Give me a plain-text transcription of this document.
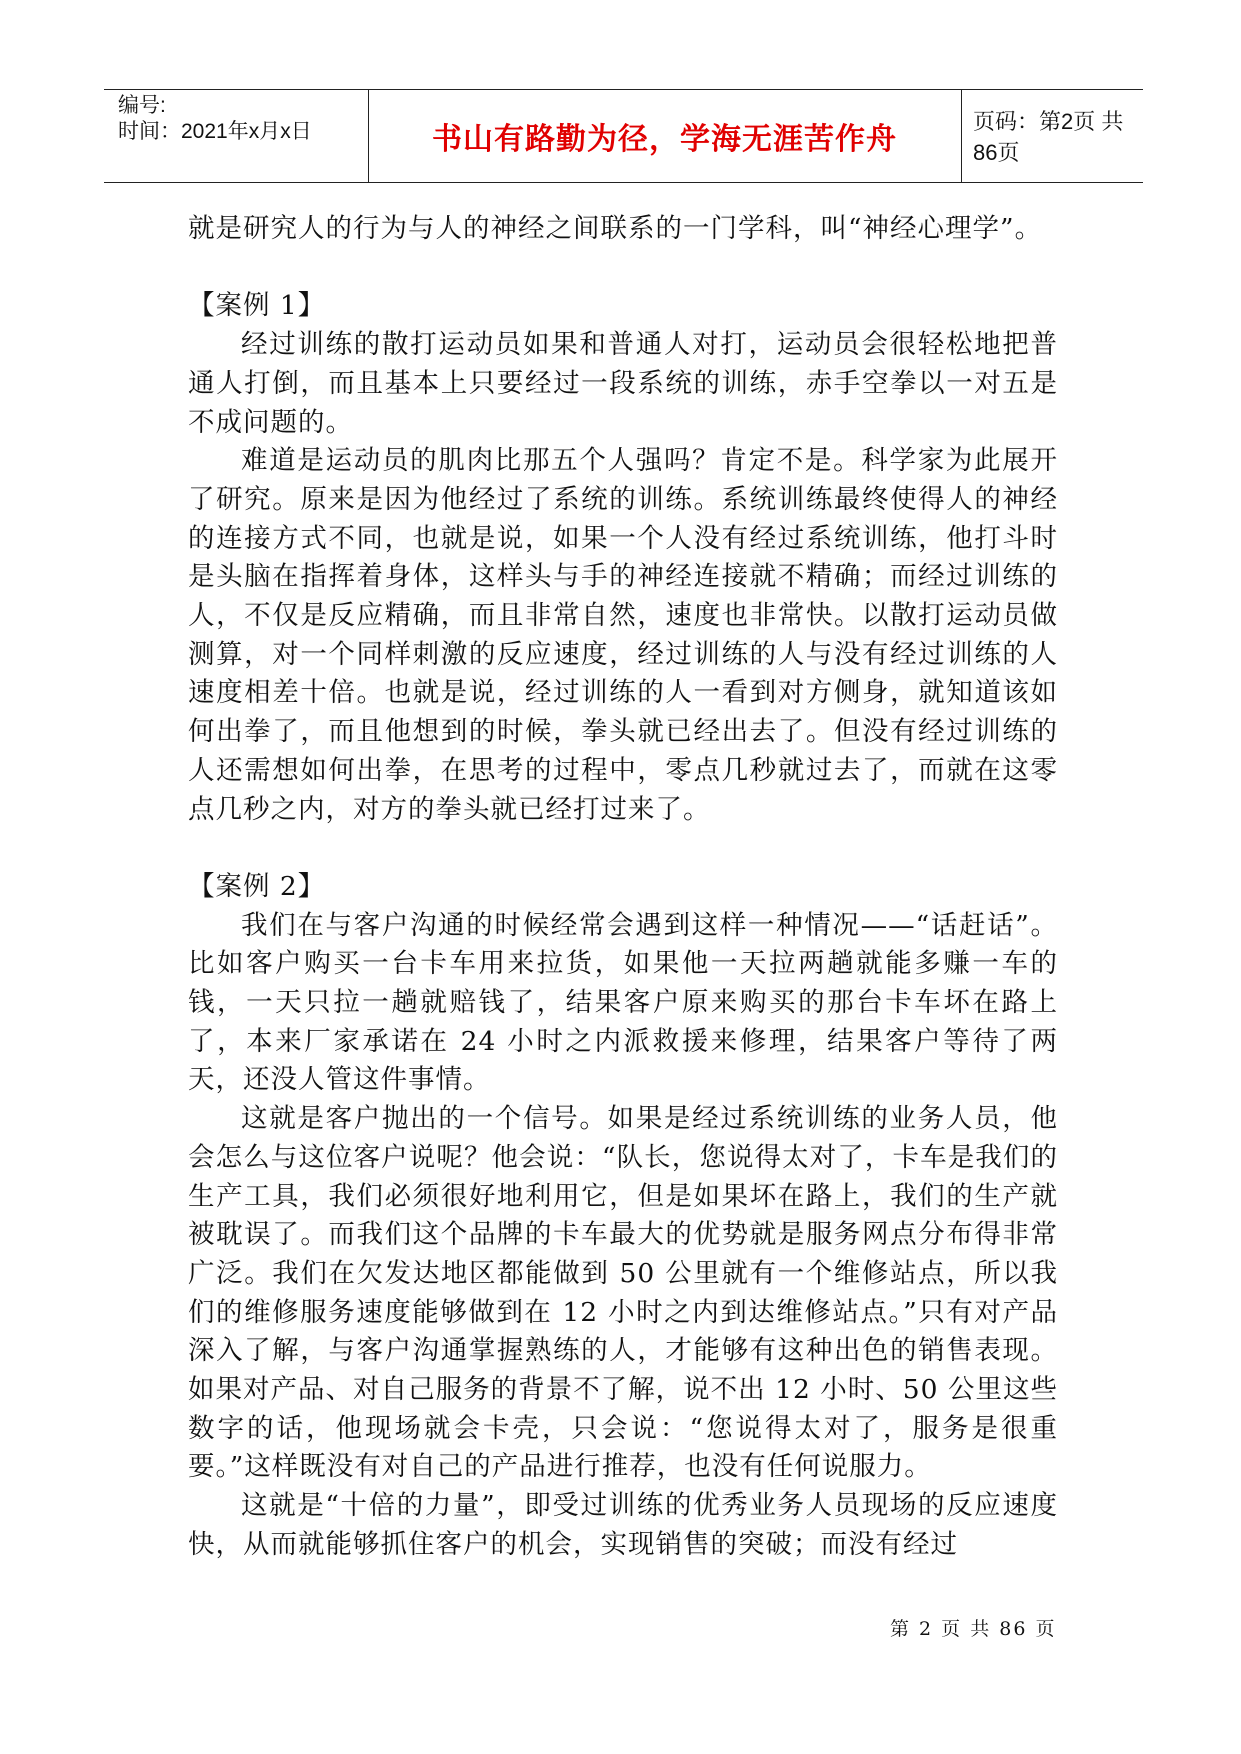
编号:
时间：2021年x月x日	书山有路勤为径，学海无涯苦作舟
页码：第2页 共86页

就是研究人的行为与人的神经之间联系的一门学科，叫“神经心理学”。

【案例 1】

经过训练的散打运动员如果和普通人对打，运动员会很轻松地把普通人打倒，而且基本上只要经过一段系统的训练，赤手空拳以一对五是不成问题的。

难道是运动员的肌肉比那五个人强吗？肯定不是。科学家为此展开了研究。原来是因为他经过了系统的训练。系统训练最终使得人的神经的连接方式不同，也就是说，如果一个人没有经过系统训练，他打斗时是头脑在指挥着身体，这样头与手的神经连接就不精确；而经过训练的人，不仅是反应精确，而且非常自然，速度也非常快。以散打运动员做测算，对一个同样刺激的反应速度，经过训练的人与没有经过训练的人速度相差十倍。也就是说，经过训练的人一看到对方侧身，就知道该如何出拳了，而且他想到的时候，拳头就已经出去了。但没有经过训练的人还需想如何出拳，在思考的过程中，零点几秒就过去了，而就在这零点几秒之内，对方的拳头就已经打过来了。

【案例 2】

我们在与客户沟通的时候经常会遇到这样一种情况——“话赶话”。比如客户购买一台卡车用来拉货，如果他一天拉两趟就能多赚一车的钱，一天只拉一趟就赔钱了，结果客户原来购买的那台卡车坏在路上了，本来厂家承诺在 24 小时之内派救援来修理，结果客户等待了两天，还没人管这件事情。

这就是客户抛出的一个信号。如果是经过系统训练的业务人员，他会怎么与这位客户说呢？他会说：“队长，您说得太对了，卡车是我们的生产工具，我们必须很好地利用它，但是如果坏在路上，我们的生产就被耽误了。而我们这个品牌的卡车最大的优势就是服务网点分布得非常广泛。我们在欠发达地区都能做到 50 公里就有一个维修站点，所以我们的维修服务速度能够做到在 12 小时之内到达维修站点。”只有对产品深入了解，与客户沟通掌握熟练的人，才能够有这种出色的销售表现。如果对产品、对自己服务的背景不了解，说不出 12 小时、50 公里这些数字的话，他现场就会卡壳，只会说：“您说得太对了，服务是很重要。”这样既没有对自己的产品进行推荐，也没有任何说服力。

这就是“十倍的力量”，即受过训练的优秀业务人员现场的反应速度快，从而就能够抓住客户的机会，实现销售的突破；而没有经过

第 2 页 共 86 页
